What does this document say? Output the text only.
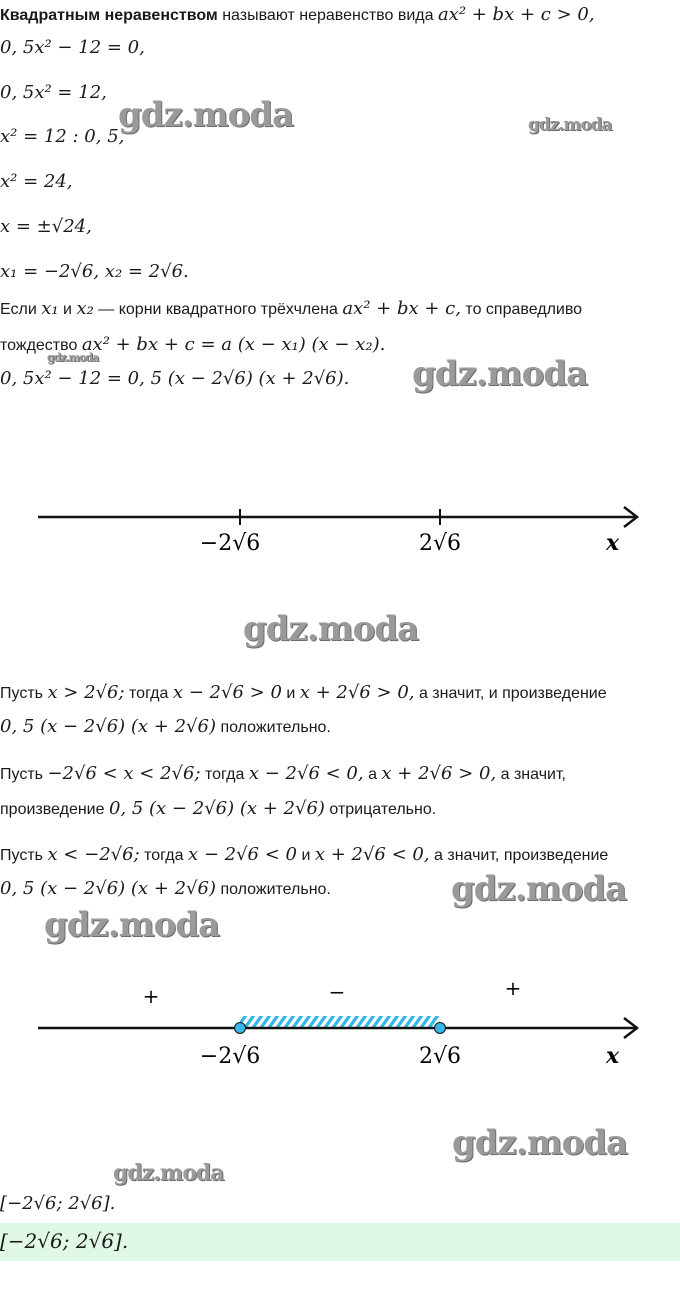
Квадратным неравенством называют неравенство вида ax² + bx + c > 0,
0, 5x² − 12 = 0,
0, 5x² = 12,
x² = 12 : 0, 5,
x² = 24,
x = ±√24,
x₁ = −2√6, x₂ = 2√6.
Если x₁ и x₂ — корни квадратного трёхчлена ax² + bx + c, то справедливо
тождество ax² + bx + c = a (x − x₁) (x − x₂).
0, 5x² − 12 = 0, 5 (x − 2√6) (x + 2√6).
−2√6	2√6	x
Пусть x > 2√6; тогда x − 2√6 > 0 и x + 2√6 > 0, а значит, и произведение
0, 5 (x − 2√6) (x + 2√6) положительно.
Пусть −2√6 < x < 2√6; тогда x − 2√6 < 0, а x + 2√6 > 0, а значит,
произведение 0, 5 (x − 2√6) (x + 2√6) отрицательно.
Пусть x < −2√6; тогда x − 2√6 < 0 и x + 2√6 < 0, а значит, произведение
0, 5 (x − 2√6) (x + 2√6) положительно.
+	−	+
−2√6	2√6	x
[−2√6; 2√6].
[−2√6; 2√6].
gdz.moda	gdz.moda
gdz.moda	gdz.moda
gdz.moda
gdz.moda
gdz.moda
gdz.moda
gdz.moda
